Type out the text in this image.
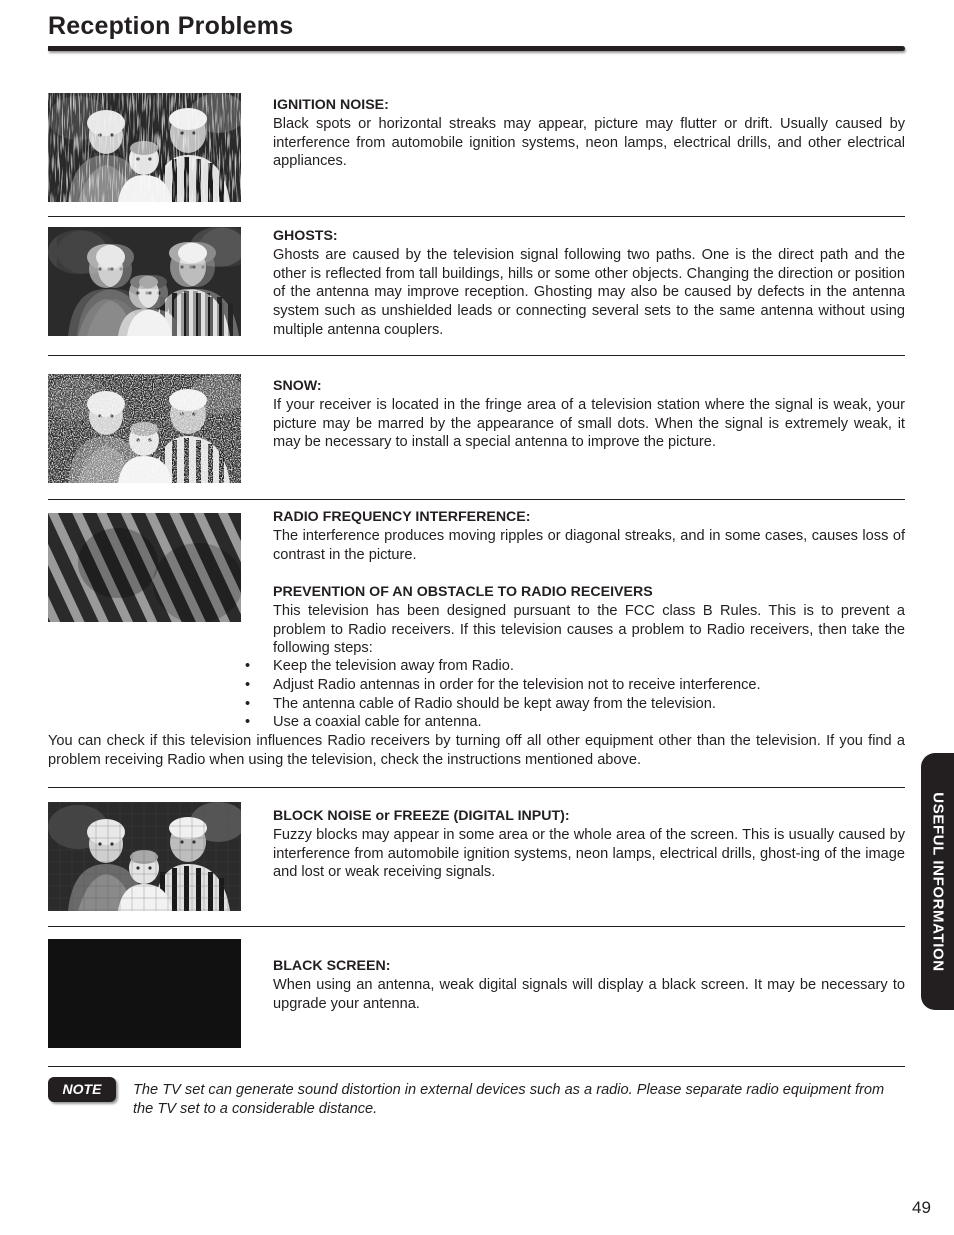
Reception Problems
IGNITION NOISE:

Black spots or horizontal streaks may appear, picture may flutter or drift. Usually caused by interference from automobile ignition systems, neon lamps, electrical drills, and other electrical appliances.

GHOSTS:

Ghosts are caused by the television signal following two paths. One is the direct path and the other is reflected from tall buildings, hills or some other objects. Changing the direction or position of the antenna may improve reception. Ghosting may also be caused by defects in the antenna system such as unshielded leads or connecting several sets to the same antenna without using multiple antenna couplers.

SNOW:

If your receiver is located in the fringe area of a television station where the signal is weak, your picture may be marred by the appearance of small dots. When the signal is extremely weak, it may be necessary to install a special antenna to improve the picture.

RADIO FREQUENCY INTERFERENCE:

The interference produces moving ripples or diagonal streaks, and in some cases, causes loss of contrast in the picture.

PREVENTION OF AN OBSTACLE TO RADIO RECEIVERS

This television has been designed pursuant to the FCC class B Rules. This is to prevent a problem to Radio receivers. If this television causes a problem to Radio receivers, then take the following steps:

•	Keep the television away from Radio.
•	Adjust Radio antennas in order for the television not to receive interference.
•	The antenna cable of Radio should be kept away from the television.
•	Use a coaxial cable for antenna.
You can check if this television influences Radio receivers by turning off all other equipment other than the television. If you find a problem receiving Radio when using the television, check the instructions mentioned above.
BLOCK NOISE or FREEZE (DIGITAL INPUT):

Fuzzy blocks may appear in some area or the whole area of the screen. This is usually caused by interference from automobile ignition systems, neon lamps, electrical drills, ghost-ing of the image and lost or weak receiving signals.

BLACK SCREEN:

When using an antenna, weak digital signals will display a black screen. It may be necessary to upgrade your antenna.

NOTE	The TV set can generate sound distortion in external devices such as a radio. Please separate radio equipment from the TV set to a considerable distance.
USEFUL INFORMATION
49
